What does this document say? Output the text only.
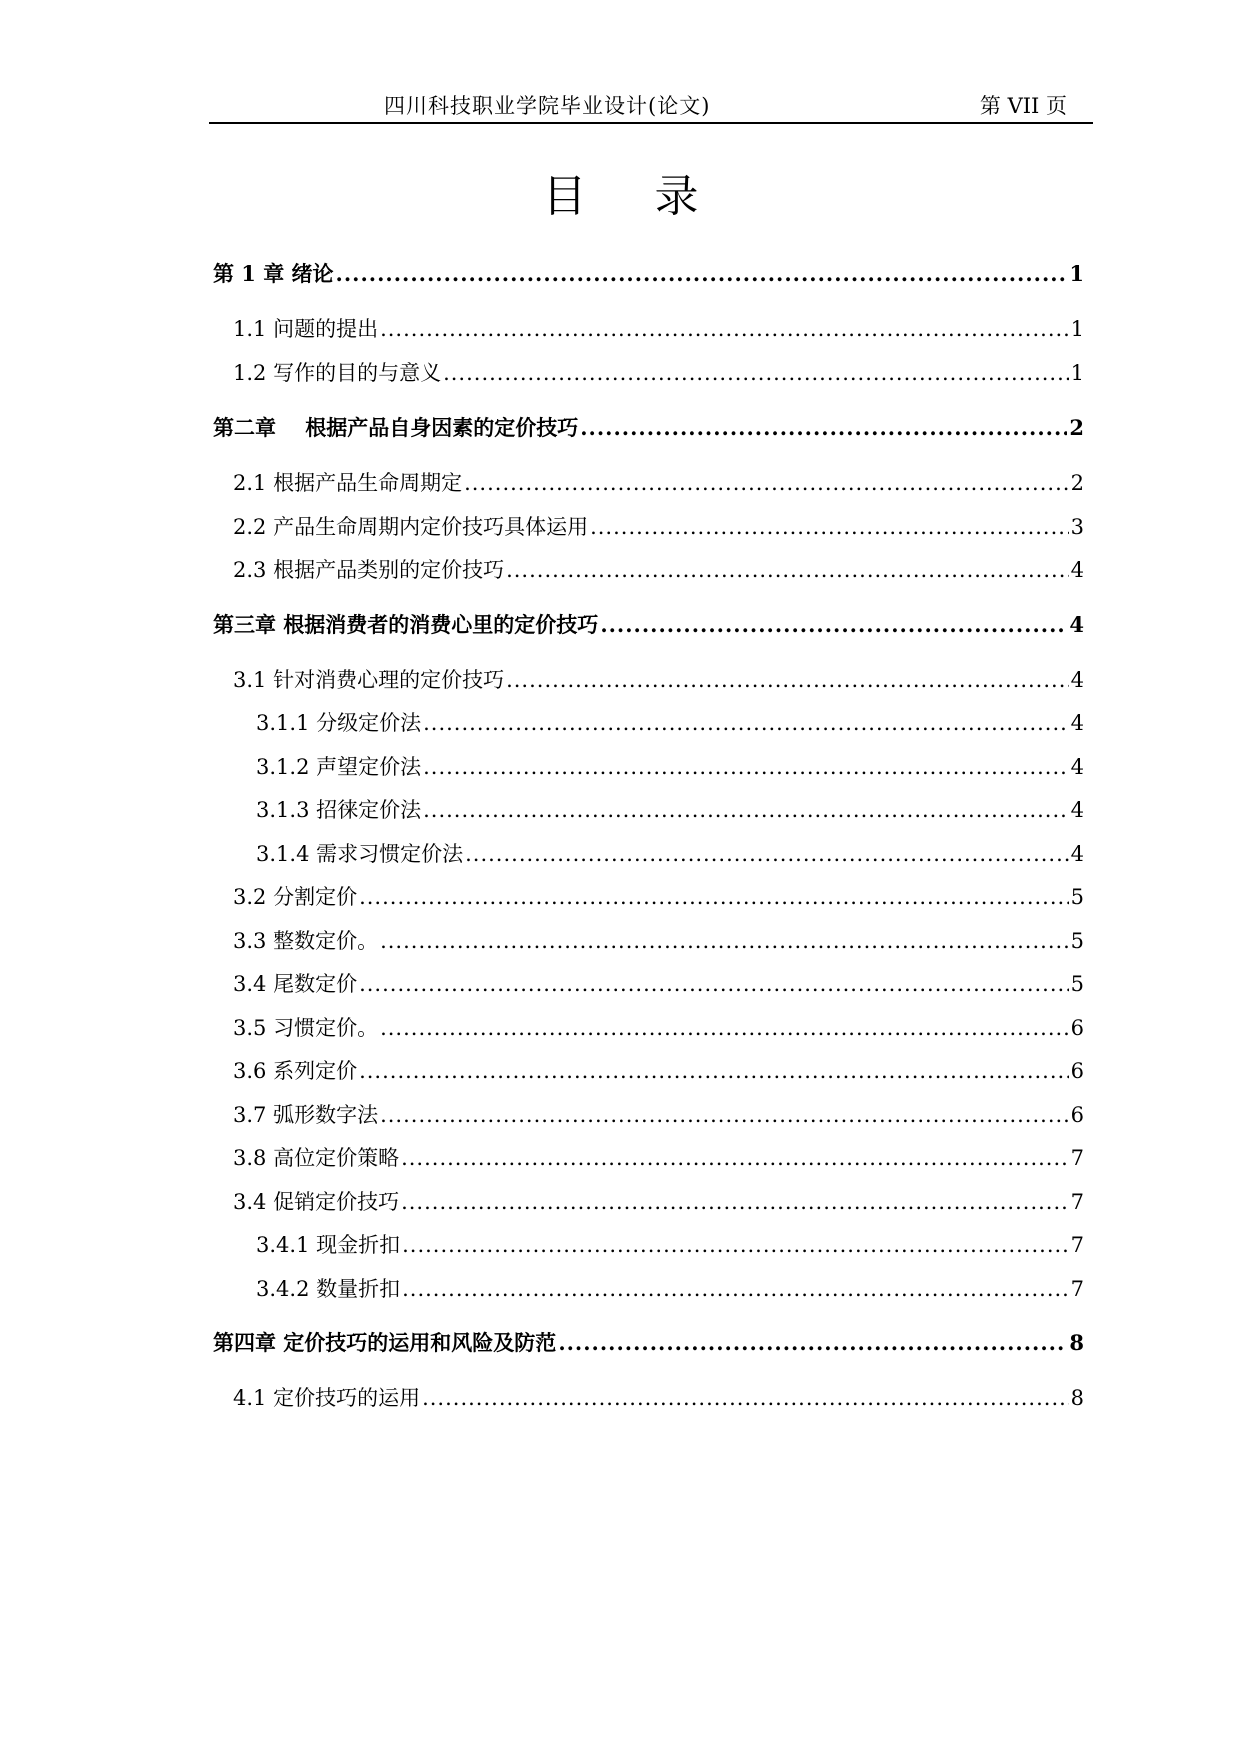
四川科技职业学院毕业设计(论文)	第 VII 页
目录
第 1 章 绪论 .....	1
1.1 问题的提出 .....	1
1.2 写作的目的与意义 .....	1
第二章    根据产品自身因素的定价技巧 .....	2
2.1 根据产品生命周期定 .....	2
2.2 产品生命周期内定价技巧具体运用 .....	3
2.3 根据产品类别的定价技巧 .....	4
第三章 根据消费者的消费心里的定价技巧 .....	4
3.1 针对消费心理的定价技巧 .....	4
3.1.1 分级定价法 .....	4
3.1.2 声望定价法 .....	4
3.1.3 招徕定价法 .....	4
3.1.4 需求习惯定价法 .....	4
3.2 分割定价 .....	5
3.3 整数定价。 .....	5
3.4 尾数定价 .....	5
3.5 习惯定价。 .....	6
3.6 系列定价 .....	6
3.7 弧形数字法 .....	6
3.8 高位定价策略 .....	7
3.4 促销定价技巧 .....	7
3.4.1 现金折扣 .....	7
3.4.2 数量折扣 .....	7
第四章 定价技巧的运用和风险及防范 .....	8
4.1 定价技巧的运用 .....	8
